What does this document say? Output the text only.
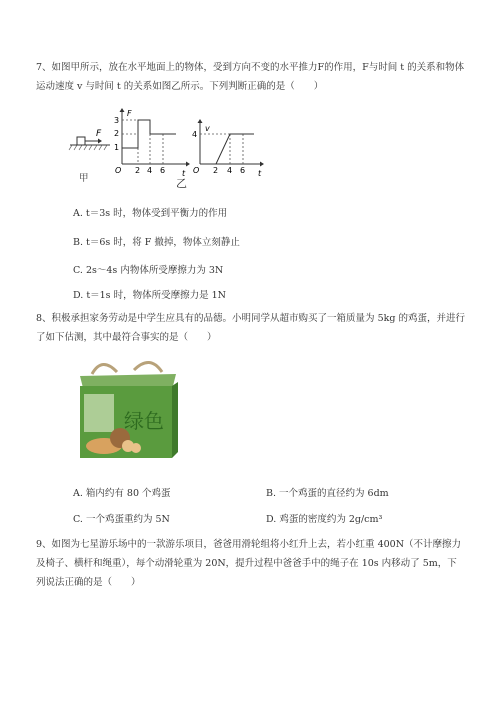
7、如图甲所示，放在水平地面上的物体，受到方向不变的水平推力F的作用，F与时间 t 的关系和物体运动速度 v 与时间 t 的关系如图乙所示。下列判断正确的是（　　）
F
甲
F
t
O
3
2
1
2 4 6
v
t
O
4
2 4 6
乙
A. t＝3s 时，物体受到平衡力的作用
B. t＝6s 时，将 F 撤掉，物体立刻静止
C. 2s～4s 内物体所受摩擦力为 3N
D. t＝1s 时，物体所受摩擦力是 1N
8、积极承担家务劳动是中学生应具有的品德。小明同学从超市购买了一箱质量为 5kg 的鸡蛋，并进行了如下估测，其中最符合事实的是（　　）
绿色
A. 箱内约有 80 个鸡蛋	B. 一个鸡蛋的直径约为 6dm
C. 一个鸡蛋重约为 5N	D. 鸡蛋的密度约为 2g/cm³
9、如图为七星游乐场中的一款游乐项目，爸爸用滑轮组将小红升上去，若小红重 400N（不计摩擦力及椅子、横杆和绳重），每个动滑轮重为 20N，提升过程中爸爸手中的绳子在 10s 内移动了 5m，下列说法正确的是（　　）
